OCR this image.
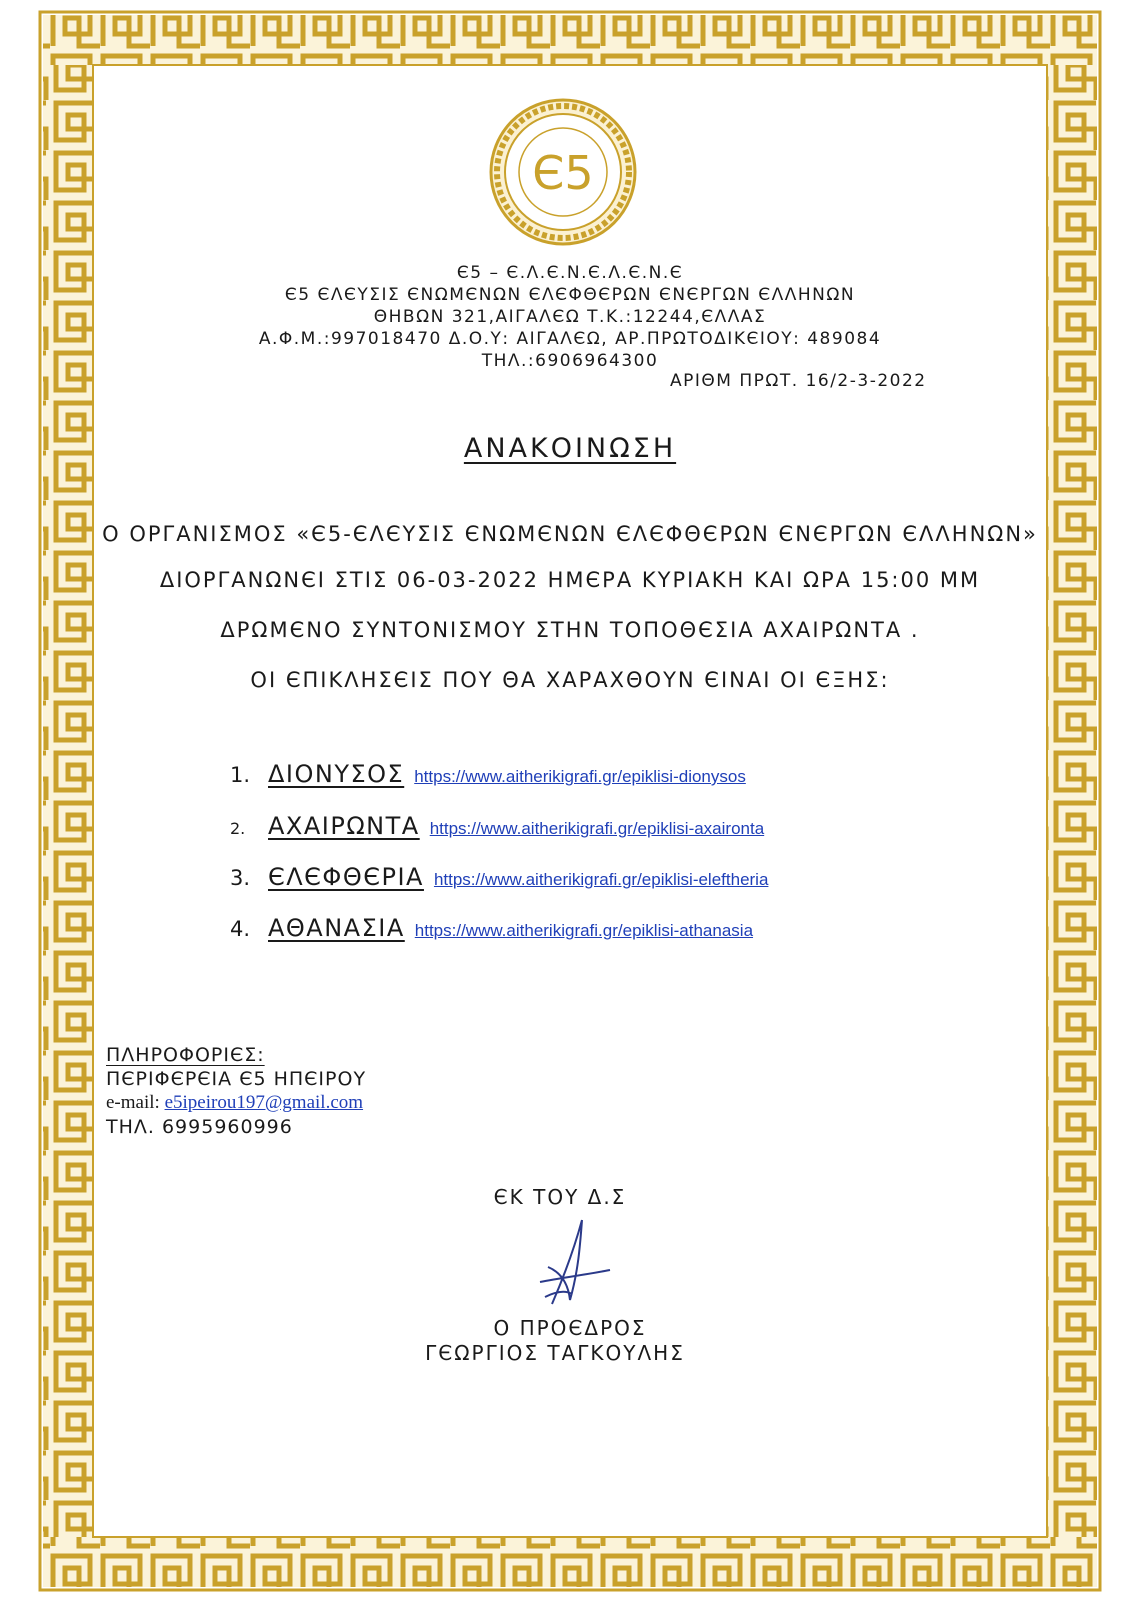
Є5
Є5 – Є.Λ.Є.Ν.Є.Λ.Є.Ν.Є
Є5 ЄΛЄΥΣΙΣ ЄΝΩΜЄΝΩΝ ЄΛЄΦΘЄΡΩΝ ЄΝЄΡΓΩΝ ЄΛΛΗΝΩΝ
ΘΗΒΩΝ 321,ΑΙΓΑΛЄΩ Τ.Κ.:12244,ЄΛΛΑΣ
Α.Φ.Μ.:997018470 Δ.Ο.Υ: ΑΙΓΑΛЄΩ, ΑΡ.ΠΡΩΤΟΔΙΚЄΙΟΥ: 489084
ΤΗΛ.:6906964300
ΑΡΙΘΜ ΠΡΩΤ. 16/2-3-2022
ΑΝΑΚΟΙΝΩΣΗ
Ο ΟΡΓΑΝΙΣΜΟΣ «Є5-ЄΛЄΥΣΙΣ ЄΝΩΜЄΝΩΝ ЄΛЄΦΘЄΡΩΝ ЄΝЄΡΓΩΝ ЄΛΛΗΝΩΝ»
ΔΙΟΡΓΑΝΩΝЄΙ ΣΤΙΣ 06-03-2022 ΗΜЄΡΑ ΚΥΡΙΑΚΗ ΚΑΙ ΩΡΑ 15:00 ΜΜ
ΔΡΩΜЄΝΟ ΣΥΝΤΟΝΙΣΜΟΥ ΣΤΗΝ ΤΟΠΟΘЄΣΙΑ ΑΧΑΙΡΩΝΤΑ .
ΟΙ ЄΠΙΚΛΗΣЄΙΣ ΠΟΥ ΘΑ ΧΑΡΑΧΘΟΥΝ ЄΙΝΑΙ ΟΙ ЄΞΗΣ:
1. ΔΙΟΝΥΣΟΣ https://www.aitherikigrafi.gr/epiklisi-dionysos
2. ΑΧΑΙΡΩΝΤΑ https://www.aitherikigrafi.gr/epiklisi-axaironta
3. ЄΛЄΦΘЄΡΙΑ https://www.aitherikigrafi.gr/epiklisi-eleftheria
4. ΑΘΑΝΑΣΙΑ https://www.aitherikigrafi.gr/epiklisi-athanasia
ΠΛΗΡΟΦΟΡΙЄΣ:
ΠЄΡΙΦЄΡЄΙΑ Є5 ΗΠЄΙΡΟΥ
e-mail: e5ipeirou197@gmail.com
ΤΗΛ. 6995960996
ЄΚ ΤΟΥ Δ.Σ
Ο ΠΡΟЄΔΡΟΣ
ΓЄΩΡΓΙΟΣ ΤΑΓΚΟΥΛΗΣ
